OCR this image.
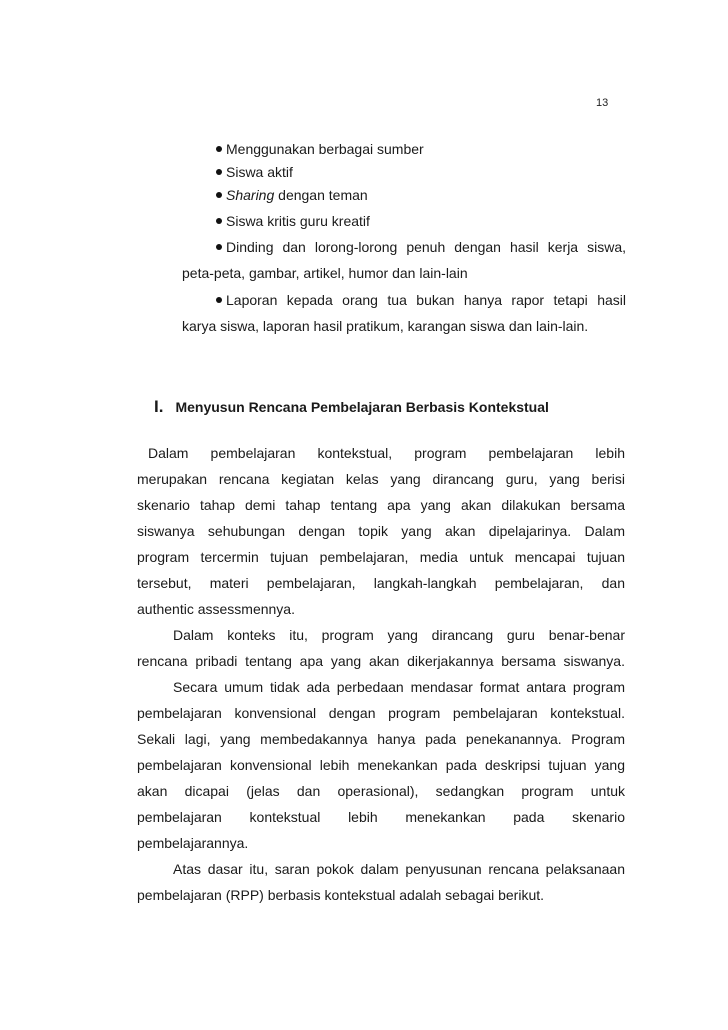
13
Menggunakan berbagai sumber
Siswa aktif
Sharing dengan teman
Siswa kritis guru kreatif
Dinding dan lorong-lorong penuh dengan hasil kerja siswa,
peta-peta, gambar, artikel, humor dan lain-lain
Laporan kepada orang tua bukan hanya rapor tetapi hasil
karya siswa, laporan hasil pratikum, karangan siswa dan lain-lain.
I. Menyusun Rencana Pembelajaran Berbasis Kontekstual
Dalam pembelajaran kontekstual, program pembelajaran lebih
merupakan rencana kegiatan kelas yang dirancang guru, yang berisi
skenario tahap demi tahap tentang apa yang akan dilakukan bersama
siswanya sehubungan dengan topik yang akan dipelajarinya. Dalam
program tercermin tujuan pembelajaran, media untuk mencapai tujuan
tersebut, materi pembelajaran, langkah-langkah pembelajaran, dan
authentic assessmennya.
Dalam konteks itu, program yang dirancang guru benar-benar
rencana pribadi tentang apa yang akan dikerjakannya bersama siswanya.
Secara umum tidak ada perbedaan mendasar format antara program
pembelajaran konvensional dengan program pembelajaran kontekstual.
Sekali lagi, yang membedakannya hanya pada penekanannya. Program
pembelajaran konvensional lebih menekankan pada deskripsi tujuan yang
akan dicapai (jelas dan operasional), sedangkan program untuk
pembelajaran kontekstual lebih menekankan pada skenario
pembelajarannya.
Atas dasar itu, saran pokok dalam penyusunan rencana pelaksanaan
pembelajaran (RPP) berbasis kontekstual adalah sebagai berikut.
